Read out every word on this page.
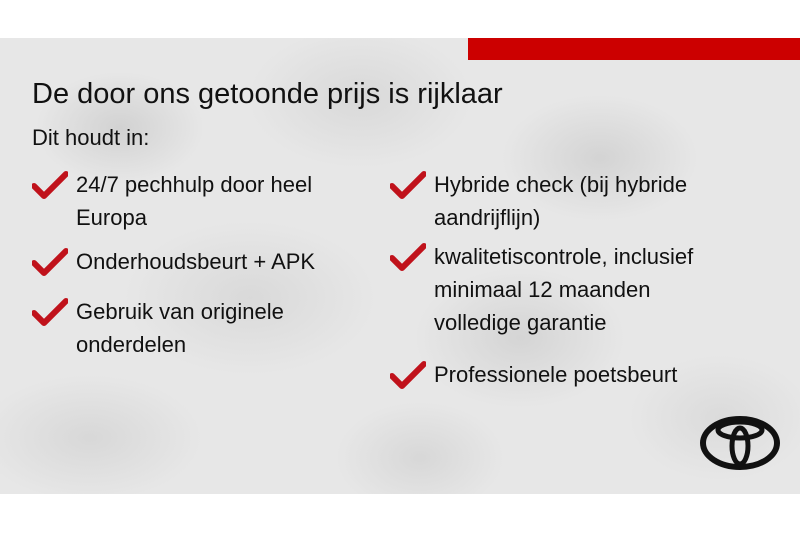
De door ons getoonde prijs is rijklaar
Dit houdt in:
24/7 pechhulp door heel
Europa
Onderhoudsbeurt + APK
Gebruik van originele
onderdelen
Hybride check (bij hybride
aandrijflijn)
kwalitetiscontrole, inclusief
minimaal 12 maanden
volledige garantie
Professionele poetsbeurt
